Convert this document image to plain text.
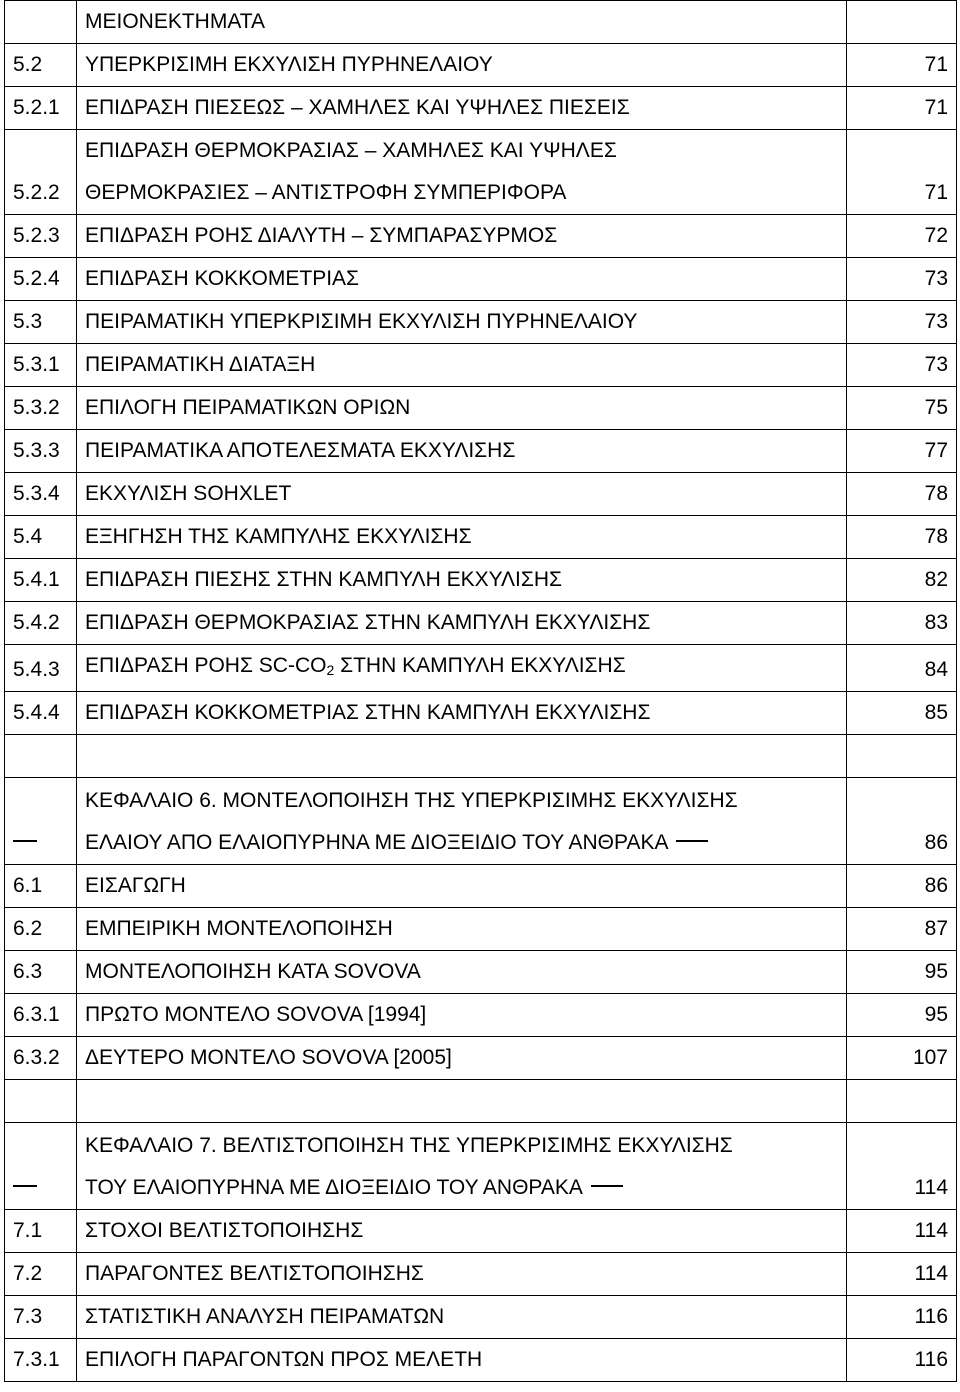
	ΜΕΙΟΝΕΚΤΗΜΑΤΑ	
5.2	ΥΠΕΡΚΡΙΣΙΜΗ ΕΚΧΥΛΙΣΗ ΠΥΡΗΝΕΛΑΙΟΥ	71
5.2.1	ΕΠΙΔΡΑΣΗ ΠΙΕΣΕΩΣ – ΧΑΜΗΛΕΣ ΚΑΙ ΥΨΗΛΕΣ ΠΙΕΣΕΙΣ	71
5.2.2	ΕΠΙΔΡΑΣΗ ΘΕΡΜΟΚΡΑΣΙΑΣ – ΧΑΜΗΛΕΣ ΚΑΙ ΥΨΗΛΕΣ
ΘΕΡΜΟΚΡΑΣΙΕΣ – ΑΝΤΙΣΤΡΟΦΗ ΣΥΜΠΕΡΙΦΟΡΑ	71
5.2.3	ΕΠΙΔΡΑΣΗ ΡΟΗΣ ΔΙΑΛΥΤΗ – ΣΥΜΠΑΡΑΣΥΡΜΟΣ	72
5.2.4	ΕΠΙΔΡΑΣΗ ΚΟΚΚΟΜΕΤΡΙΑΣ	73
5.3	ΠΕΙΡΑΜΑΤΙΚΗ ΥΠΕΡΚΡΙΣΙΜΗ ΕΚΧΥΛΙΣΗ ΠΥΡΗΝΕΛΑΙΟΥ	73
5.3.1	ΠΕΙΡΑΜΑΤΙΚΗ ΔΙΑΤΑΞΗ	73
5.3.2	ΕΠΙΛΟΓΗ ΠΕΙΡΑΜΑΤΙΚΩΝ ΟΡΙΩΝ	75
5.3.3	ΠΕΙΡΑΜΑΤΙΚΑ ΑΠΟΤΕΛΕΣΜΑΤΑ ΕΚΧΥΛΙΣΗΣ	77
5.3.4	ΕΚΧΥΛΙΣΗ SOHXLET	78
5.4	ΕΞΗΓΗΣΗ ΤΗΣ ΚΑΜΠΥΛΗΣ ΕΚΧΥΛΙΣΗΣ	78
5.4.1	ΕΠΙΔΡΑΣΗ ΠΙΕΣΗΣ ΣΤΗΝ ΚΑΜΠΥΛΗ ΕΚΧΥΛΙΣΗΣ	82
5.4.2	ΕΠΙΔΡΑΣΗ ΘΕΡΜΟΚΡΑΣΙΑΣ ΣΤΗΝ ΚΑΜΠΥΛΗ ΕΚΧΥΛΙΣΗΣ	83
5.4.3	ΕΠΙΔΡΑΣΗ ΡΟΗΣ $SC-CO_2$ ΣΤΗΝ ΚΑΜΠΥΛΗ ΕΚΧΥΛΙΣΗΣ	84
5.4.4	ΕΠΙΔΡΑΣΗ ΚΟΚΚΟΜΕΤΡΙΑΣ ΣΤΗΝ ΚΑΜΠΥΛΗ ΕΚΧΥΛΙΣΗΣ	85

	ΚΕΦΑΛΑΙΟ 6. ΜΟΝΤΕΛΟΠΟΙΗΣΗ ΤΗΣ ΥΠΕΡΚΡΙΣΙΜΗΣ ΕΚΧΥΛΙΣΗΣ
ΕΛΑΙΟΥ ΑΠΟ ΕΛΑΙΟΠΥΡΗΝΑ ΜΕ ΔΙΟΞΕΙΔΙΟ ΤΟΥ ΑΝΘΡΑΚΑ	86
6.1	ΕΙΣΑΓΩΓΗ	86
6.2	ΕΜΠΕΙΡΙΚΗ ΜΟΝΤΕΛΟΠΟΙΗΣΗ	87
6.3	ΜΟΝΤΕΛΟΠΟΙΗΣΗ ΚΑΤΑ SOVOVA	95
6.3.1	ΠΡΩΤΟ ΜΟΝΤΕΛΟ SOVOVA [1994]	95
6.3.2	ΔΕΥΤΕΡΟ ΜΟΝΤΕΛΟ SOVOVA [2005]	107

	ΚΕΦΑΛΑΙΟ 7. ΒΕΛΤΙΣΤΟΠΟΙΗΣΗ ΤΗΣ ΥΠΕΡΚΡΙΣΙΜΗΣ ΕΚΧΥΛΙΣΗΣ
ΤΟΥ ΕΛΑΙΟΠΥΡΗΝΑ ΜΕ ΔΙΟΞΕΙΔΙΟ ΤΟΥ ΑΝΘΡΑΚΑ	114
7.1	ΣΤΟΧΟΙ ΒΕΛΤΙΣΤΟΠΟΙΗΣΗΣ	114
7.2	ΠΑΡΑΓΟΝΤΕΣ ΒΕΛΤΙΣΤΟΠΟΙΗΣΗΣ	114
7.3	ΣΤΑΤΙΣΤΙΚΗ ΑΝΑΛΥΣΗ ΠΕΙΡΑΜΑΤΩΝ	116
7.3.1	ΕΠΙΛΟΓΗ ΠΑΡΑΓΟΝΤΩΝ ΠΡΟΣ ΜΕΛΕΤΗ	116
